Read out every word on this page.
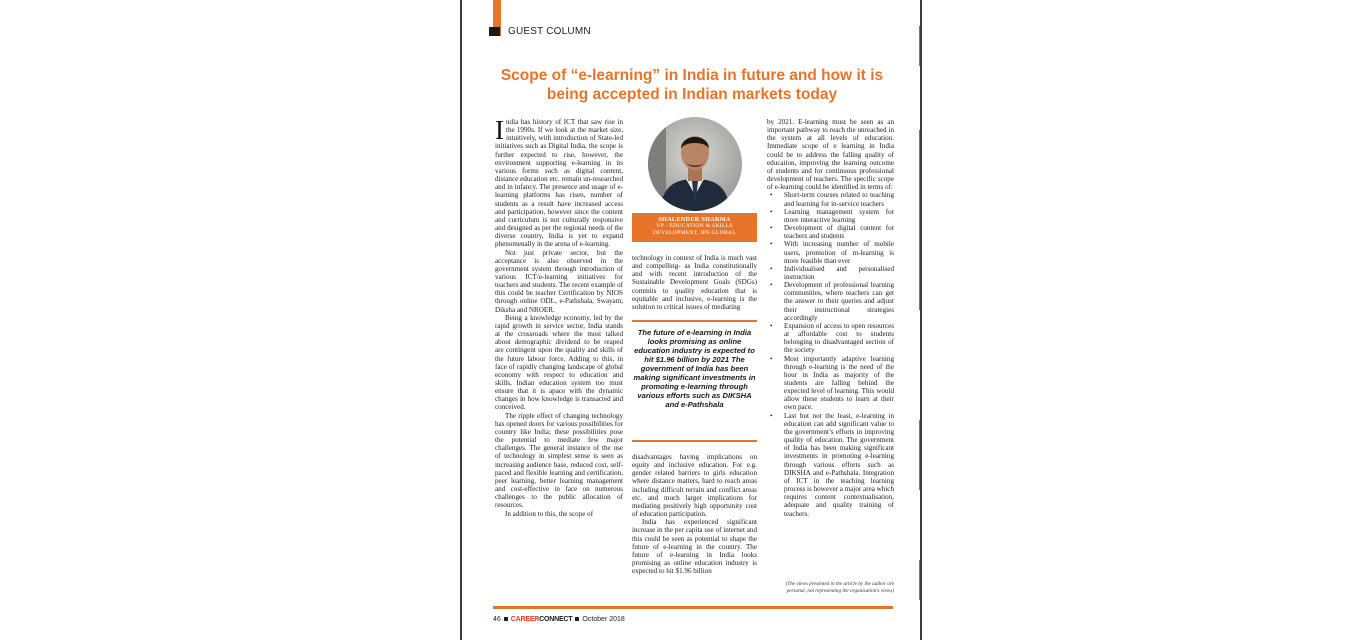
GUEST COLUMN
Scope of “e-learning” in India in future and how it is being accepted in Indian markets today

India has history of ICT that saw rise in the 1990s. If we look at the market size, intuitively, with introduction of State-led initiatives such as Digital India, the scope is further expected to rise, however, the environment supporting e-learning in its various forms such as digital content, distance education etc. remain un-researched and in infancy. The presence and usage of e-learning platforms has risen, number of students as a result have increased access and participation, however since the content and curriculum is not culturally responsive and designed as per the regional needs of the diverse country, India is yet to expand phenomenally in the arena of e-learning.

Not just private sector, but the acceptance is also observed in the government system through introduction of various ICT/e-learning initiatives for teachers and students. The recent example of this could be teacher Certification by NIOS through online ODL, e-Pathshala, Swayam, Diksha and NROER.

Being a knowledge economy, led by the rapid growth in service sector, India stands at the crossroads where the most talked about demographic dividend to be reaped are contingent upon the quality and skills of the future labour force. Adding to this, in face of rapidly changing landscape of global economy with respect to education and skills, Indian education system too must ensure that it is apace with the dynamic changes in how knowledge is transacted and conceived.

The ripple effect of changing technology has opened doors for various possibilities for country like India; these possibilities pose the potential to mediate few major challenges. The general instance of the use of technology in simplest sense is seen as increasing audience base, reduced cost, self-paced and flexible learning and certification, peer learning, better learning management and cost-effective in face on numerous challenges to the public allocation of resources.

In addition to this, the scope of

SHALENDER SHARMA
VP - EDUCATION & SKILLS
DEVELOPMENT, IPE GLOBAL

technology in context of India is much vast and compelling- as India constitutionally and with recent introduction of the Sustainable Development Goals (SDGs) commits to quality education that is equitable and inclusive, e-learning is the solution to critical issues of mediating

The future of e-learning in India looks promising as online education industry is expected to hit $1.96 billion by 2021 The government of India has been making significant investments in promoting e-learning through various efforts such as DIKSHA and e-Pathshala

disadvantages having implications on equity and inclusive education. For e.g. gender related barriers to girls education where distance matters, hard to reach areas including difficult terrain and conflict areas etc. and much larger implications for mediating positively high opportunity cost of education participation.

India has experienced significant increase in the per capita use of internet and this could be seen as potential to shape the future of e-learning in the country. The future of e-learning in India looks promising as online education industry is expected to hit $1.96 billion

by 2021. E-learning must be seen as an important pathway to reach the unreached in the system at all levels of education. Immediate scope of e learning in India could be to address the falling quality of education, improving the learning outcome of students and for continuous professional development of teachers. The specific scope of e-learning could be identified in terms of:

• Short-term courses related to teaching and learning for in-service teachers
• Learning management system for more interactive learning
• Development of digital content for teachers and students
• With increasing number of mobile users, promotion of m-learning is more feasible than ever
• Individualised and personalised instruction
• Development of professional learning communities, where teachers can get the answer to their queries and adjust their instructional strategies accordingly
• Expansion of access to open resources at affordable cost to students belonging to disadvantaged section of the society
• Most importantly adaptive learning through e-learning is the need of the hour in India as majority of the students are falling behind the expected level of learning. This would allow these students to learn at their own pace.
• Last but not the least, e-learning in education can add significant value to the government’s efforts in improving quality of education. The government of India has been making significant investments in promoting e-learning through various efforts such as DIKSHA and e-Pathshala. Integration of ICT in the teaching learning process is however a major area which requires content contextualisation, adequate and quality training of teachers.
(The views presented in the article by the author are personal, not representing the organisation’s views)
46 CAREERCONNECT October 2018
